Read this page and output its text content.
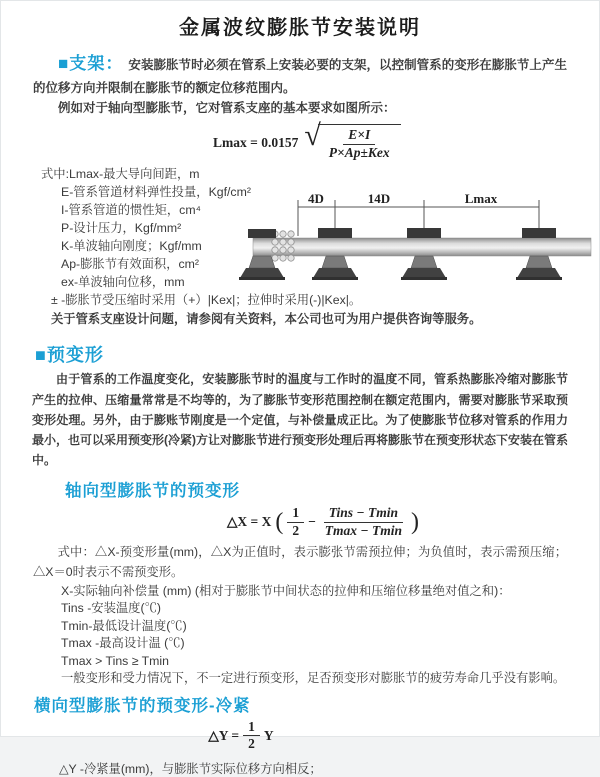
金属波纹膨胀节安装说明

■支架： 安装膨胀节时必须在管系上安装必要的支架，以控制管系的变形在膨胀节上产生的位移方向并限制在膨胀节的额定位移范围内。

例如对于轴向型膨胀节，它对管系支座的基本要求如图所示：

Lmax = 0.0157 √ $\frac{E\times I}{\text{P×Ap±Kex}}$
式中:Lmax-最大导向间距，m
E-管系管道材料弹性投量，Kgf/cm²
I-管系管道的惯性矩，cm⁴
P-设计压力，Kgf/mm²
K-单波轴向刚度；Kgf/mm
Ap-膨胀节有效面积，cm²
ex-单波轴向位移，mm
± -膨胀节受压缩时采用（+）|Kex|；拉伸时采用(-)|Kex|。
关于管系支座设计问题，请参阅有关资料，本公司也可为用户提供咨询等服务。
4D	14D	Lmax
■预变形

由于管系的工作温度变化，安装膨胀节时的温度与工作时的温度不同，管系热膨胀冷缩对膨胀节产生的拉伸、压缩量常常是不均等的，为了膨胀节变形范围控制在额定范围内，需要对膨胀节采取预变形处理。另外，由于膨账节刚度是一个定值，与补偿量成正比。为了使膨胀节位移对管系的作用力最小，也可以采用预变形(冷紧)方让对膨胀节进行预变形处理后再将膨胀节在预变形状态下安装在管系中。

轴向型膨胀节的预变形
△X = X ( $\frac{1}{2} - \frac{\text{Tins − Tmin}}{Tmax - Tmin}$ )

式中：△X-预变形量(mm)，△X为正值时，表示膨张节需预拉伸；为负值时，表示需预压缩；△X＝0时表示不需预变形。

X-实际轴向补偿量 (mm) (相对于膨胀节中间状态的拉伸和压缩位移量绝对值之和)：
Tins -安装温度(℃)
Tmin-最低设计温度(℃)
Tmax -最高设计温 (℃)
Tmax > Tins ≥ Tmin
一般变形和受力情况下，不一定进行预变形，足否预变形对膨胀节的疲劳寿命几乎没有影响。
横向型膨胀节的预变形-冷紧
△Y = $\frac{1}{2}$ Y
△Y -冷紧量(mm)，与膨胀节实际位移方向相反；
